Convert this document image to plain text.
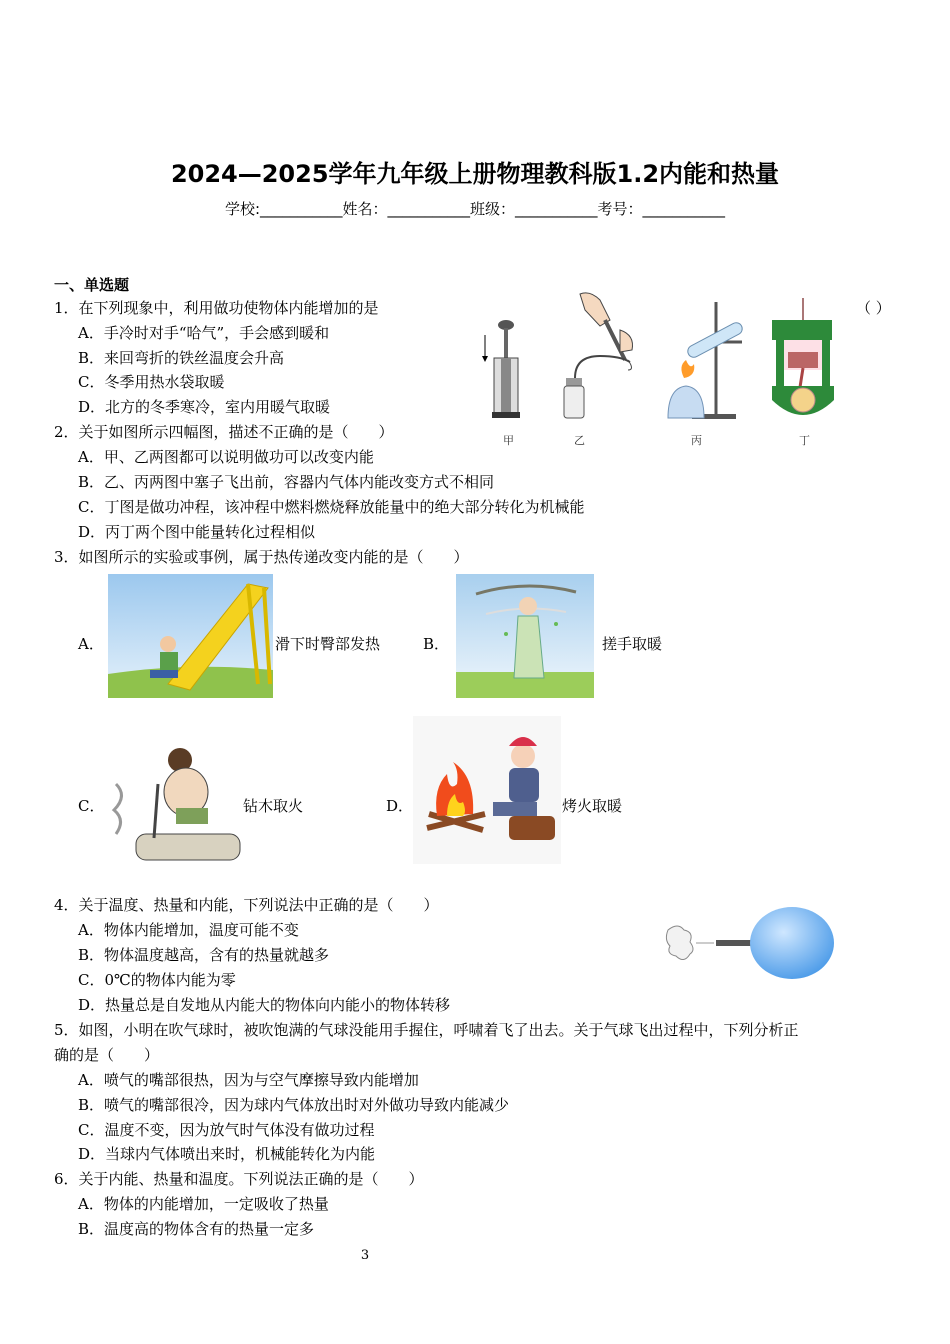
2024—2025学年九年级上册物理教科版1.2内能和热量
学校:___________姓名：___________班级：___________考号：___________
一、单选题
1．在下列现象中，利用做功使物体内能增加的是	（ ）
A．手冷时对手“哈气”，手会感到暖和
B．来回弯折的铁丝温度会升高
C．冬季用热水袋取暖
D．北方的冬季寒冷，室内用暖气取暖
甲	乙	丙	丁
2．关于如图所示四幅图，描述不正确的是（　　）
A．甲、乙两图都可以说明做功可以改变内能
B．乙、丙两图中塞子飞出前，容器内气体内能改变方式不相同
C．丁图是做功冲程，该冲程中燃料燃烧释放能量中的绝大部分转化为机械能
D．丙丁两个图中能量转化过程相似
3．如图所示的实验或事例，属于热传递改变内能的是（　　）
A．	滑下时臀部发热	B．	搓手取暖
C．	钻木取火	D．	烤火取暖
4．关于温度、热量和内能，下列说法中正确的是（　　）
A．物体内能增加，温度可能不变
B．物体温度越高，含有的热量就越多
C．0℃的物体内能为零
D．热量总是自发地从内能大的物体向内能小的物体转移
5．如图，小明在吹气球时，被吹饱满的气球没能用手握住，呼啸着飞了出去。关于气球飞出过程中，下列分析正
确的是（　　）
A．喷气的嘴部很热，因为与空气摩擦导致内能增加
B．喷气的嘴部很冷，因为球内气体放出时对外做功导致内能减少
C．温度不变，因为放气时气体没有做功过程
D．当球内气体喷出来时，机械能转化为内能
6．关于内能、热量和温度。下列说法正确的是（　　）
A．物体的内能增加，一定吸收了热量
B．温度高的物体含有的热量一定多
3
